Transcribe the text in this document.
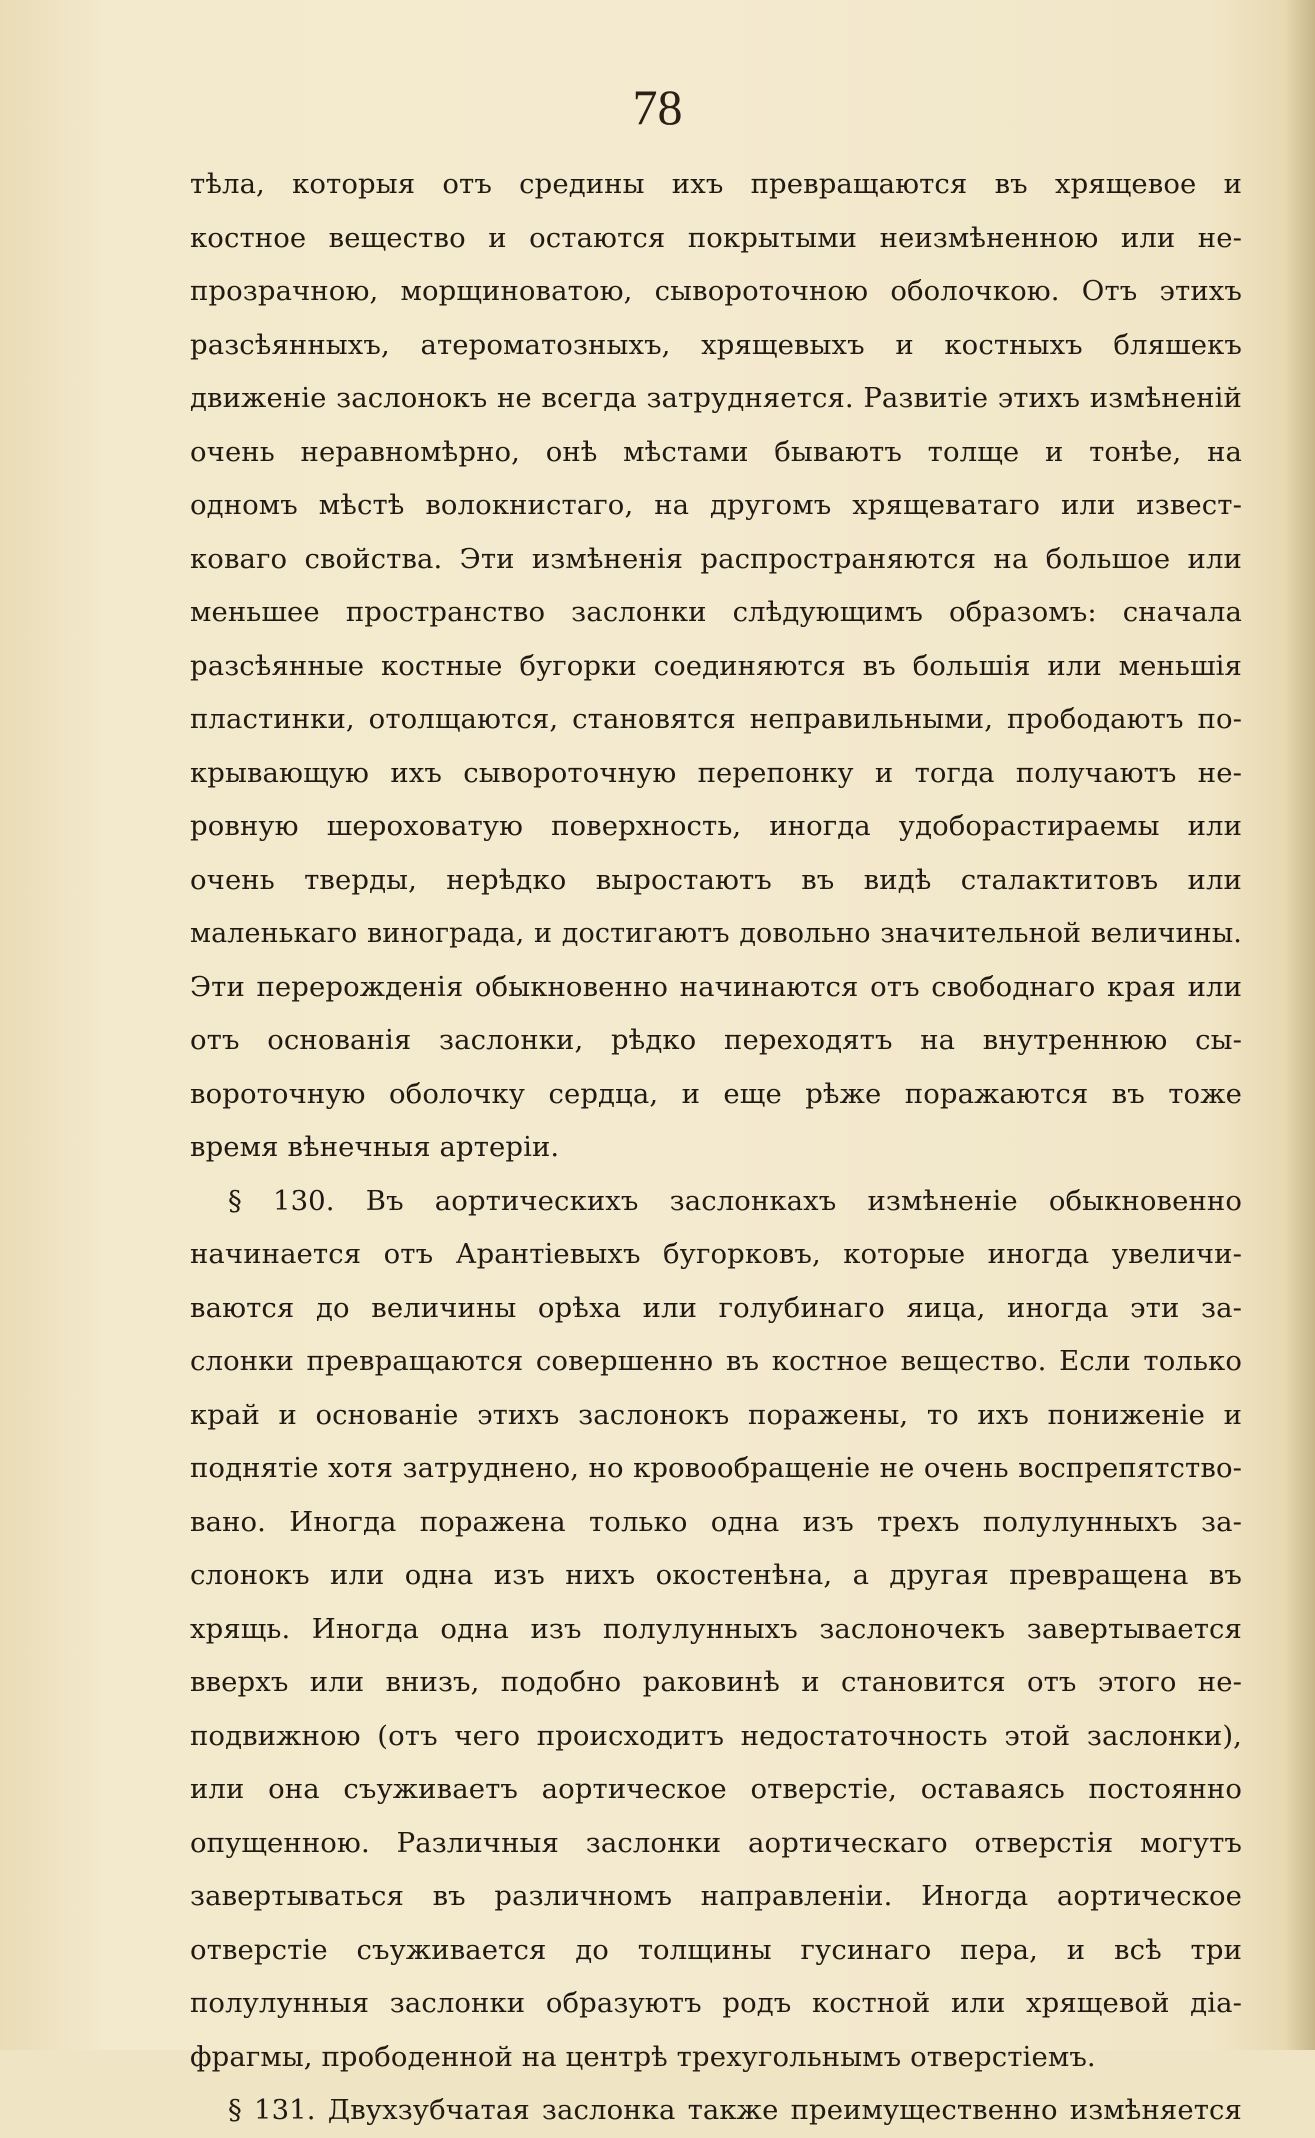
78
тѣла, которыя отъ средины ихъ превращаются въ хрящевое и
костное вещество и остаются покрытыми неизмѣненною или не-
прозрачною, морщиноватою, сывороточною оболочкою. Отъ этихъ
разсѣянныхъ, атероматозныхъ, хрящевыхъ и костныхъ бляшекъ
движеніе заслонокъ не всегда затрудняется. Развитіе этихъ измѣненій
очень неравномѣрно, онѣ мѣстами бываютъ толще и тонѣе, на
одномъ мѣстѣ волокнистаго, на другомъ хрящеватаго или извест-
коваго свойства. Эти измѣненія распространяются на большое или
меньшее пространство заслонки слѣдующимъ образомъ: сначала
разсѣянные костные бугорки соединяются въ большія или меньшія
пластинки, отолщаются, становятся неправильными, прободаютъ по-
крывающую ихъ сывороточную перепонку и тогда получаютъ не-
ровную шероховатую поверхность, иногда удоборастираемы или
очень тверды, нерѣдко выростаютъ въ видѣ сталактитовъ или
маленькаго винограда, и достигаютъ довольно значительной величины.
Эти перерожденія обыкновенно начинаются отъ свободнаго края или
отъ основанія заслонки, рѣдко переходятъ на внутреннюю сы-
вороточную оболочку сердца, и еще рѣже поражаются въ тоже
время вѣнечныя артеріи.
§ 130. Въ аортическихъ заслонкахъ измѣненіе обыкновенно
начинается отъ Арантіевыхъ бугорковъ, которые иногда увеличи-
ваются до величины орѣха или голубинаго яица, иногда эти за-
слонки превращаются совершенно въ костное вещество. Если только
край и основаніе этихъ заслонокъ поражены, то ихъ пониженіе и
поднятіе хотя затруднено, но кровообращеніе не очень воспрепятство-
вано. Иногда поражена только одна изъ трехъ полулунныхъ за-
слонокъ или одна изъ нихъ окостенѣна, а другая превращена въ
хрящь. Иногда одна изъ полулунныхъ заслоночекъ завертывается
вверхъ или внизъ, подобно раковинѣ и становится отъ этого не-
подвижною (отъ чего происходитъ недостаточность этой заслонки),
или она съуживаетъ аортическое отверстіе, оставаясь постоянно
опущенною. Различныя заслонки аортическаго отверстія могутъ
завертываться въ различномъ направленіи. Иногда аортическое
отверстіе съуживается до толщины гусинаго пера, и всѣ три
полулунныя заслонки образуютъ родъ костной или хрящевой діа-
фрагмы, прободенной на центрѣ трехугольнымъ отверстіемъ.
§ 131. Двухзубчатая заслонка также преимущественно измѣняется
